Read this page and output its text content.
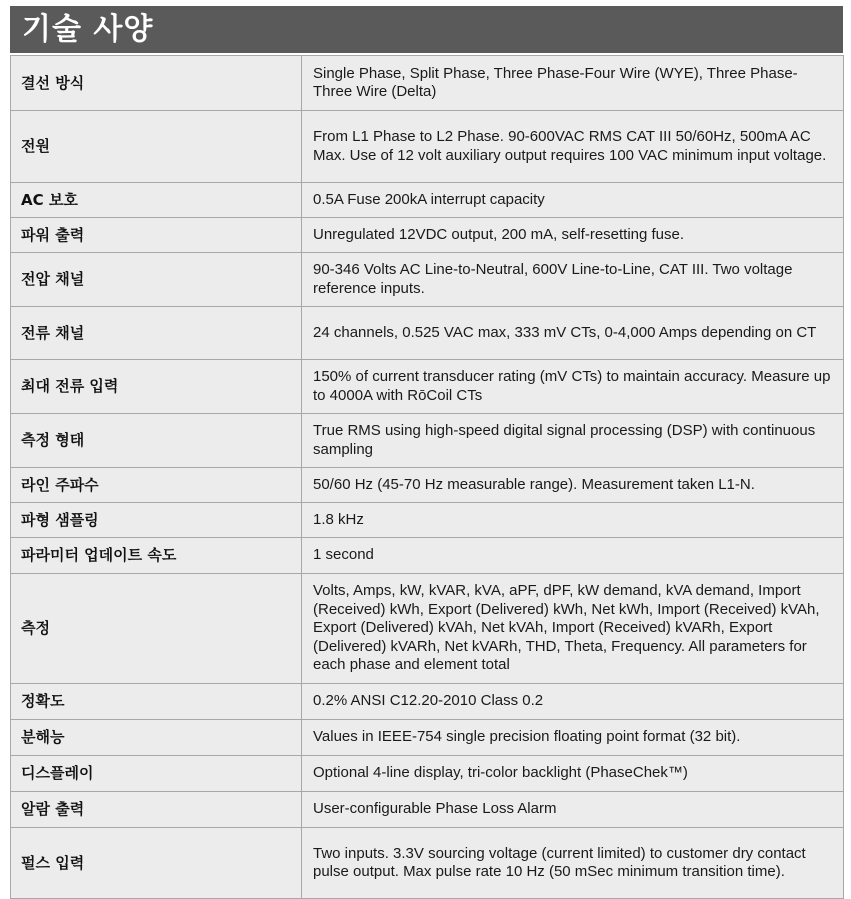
기술 사양
결선 방식	Single Phase, Split Phase, Three Phase-Four Wire (WYE), Three Phase-Three Wire (Delta)
전원	From L1 Phase to L2 Phase. 90-600VAC RMS CAT III 50/60Hz, 500mA AC Max. Use of 12 volt auxiliary output requires 100 VAC minimum input voltage.
AC 보호	0.5A Fuse 200kA interrupt capacity
파워 출력	Unregulated 12VDC output, 200 mA, self-resetting fuse.
전압 채널	90-346 Volts AC Line-to-Neutral, 600V Line-to-Line, CAT III. Two voltage reference inputs.
전류 채널	24 channels, 0.525 VAC max, 333 mV CTs, 0-4,000 Amps depending on CT
최대 전류 입력	150% of current transducer rating (mV CTs) to maintain accuracy. Measure up to 4000A with RōCoil CTs
측정 형태	True RMS using high-speed digital signal processing (DSP) with continuous sampling
라인 주파수	50/60 Hz (45-70 Hz measurable range). Measurement taken L1-N.
파형 샘플링	1.8 kHz
파라미터 업데이트 속도	1 second
측정	Volts, Amps, kW, kVAR, kVA, aPF, dPF, kW demand, kVA demand, Import (Received) kWh, Export (Delivered) kWh, Net kWh, Import (Received) kVAh, Export (Delivered) kVAh, Net kVAh, Import (Received) kVARh, Export (Delivered) kVARh, Net kVARh, THD, Theta, Frequency. All parameters for each phase and element total
정확도	0.2% ANSI C12.20-2010 Class 0.2
분해능	Values in IEEE-754 single precision floating point format (32 bit).
디스플레이	Optional 4-line display, tri-color backlight (PhaseChek™)
알람 출력	User-configurable Phase Loss Alarm
펄스 입력	Two inputs. 3.3V sourcing voltage (current limited) to customer dry contact pulse output. Max pulse rate 10 Hz (50 mSec minimum transition time).
